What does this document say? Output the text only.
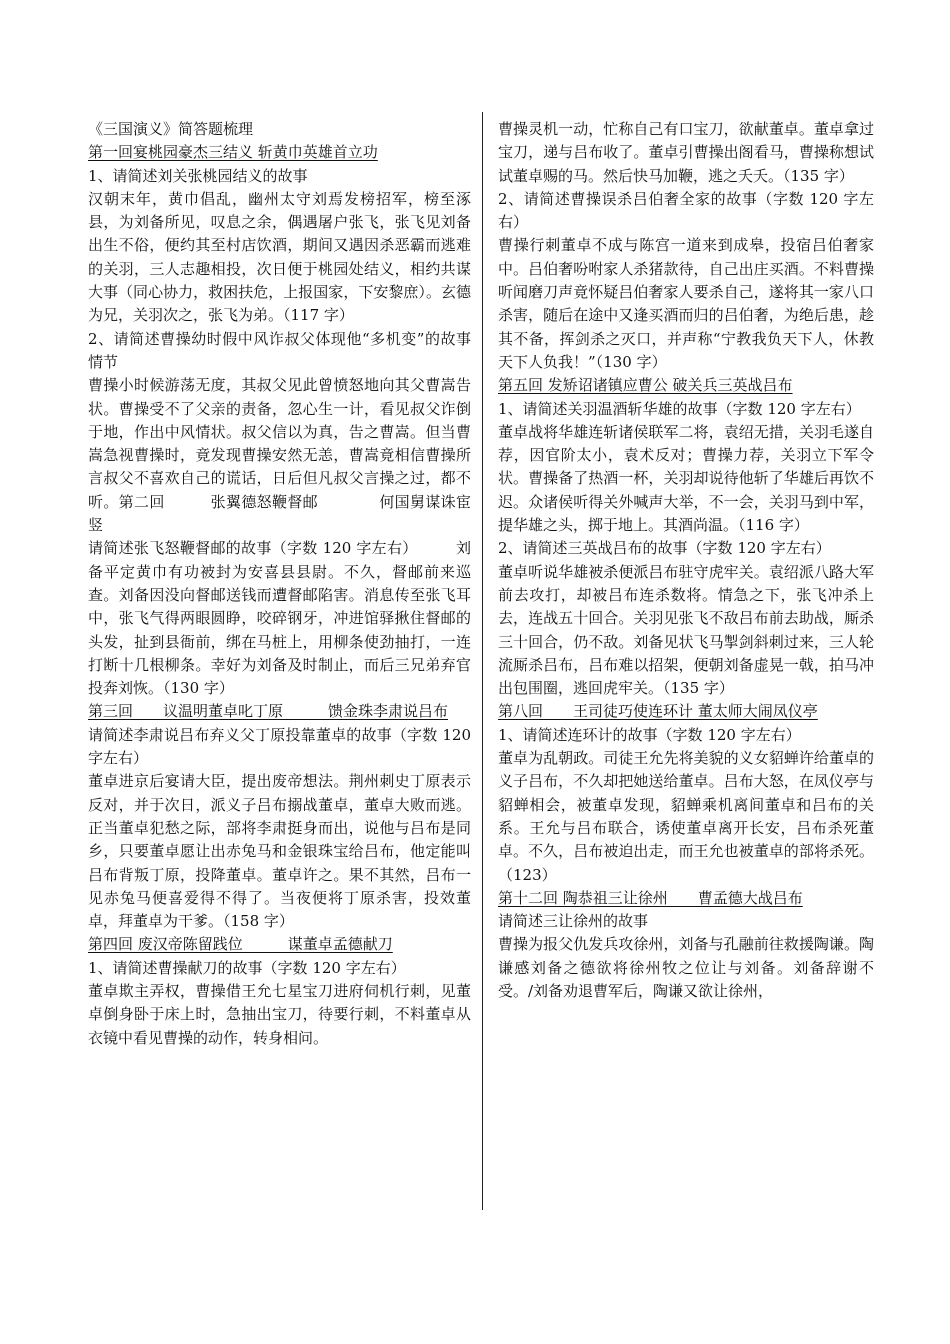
《三国演义》简答题梳理

第一回宴桃园豪杰三结义 斩黄巾英雄首立功

1、请简述刘关张桃园结义的故事

汉朝末年，黄巾倡乱，幽州太守刘焉发榜招军，榜至涿县，为刘备所见，叹息之余，偶遇屠户张飞，张飞见刘备出生不俗，便约其至村店饮酒，期间又遇因杀恶霸而逃难的关羽，三人志趣相投，次日便于桃园处结义，相约共谋大事（同心协力，救困扶危，上报国家，下安黎庶）。玄德为兄，关羽次之，张飞为弟。（117 字）

2、请简述曹操幼时假中风诈叔父体现他“多机变”的故事情节

曹操小时候游荡无度，其叔父见此曾愤怒地向其父曹嵩告状。曹操受不了父亲的责备，忽心生一计，看见叔父诈倒于地，作出中风情状。叔父信以为真，告之曹嵩。但当曹嵩急视曹操时，竟发现曹操安然无恙，曹嵩竟相信曹操所言叔父不喜欢自己的谎话，日后但凡叔父言操之过，都不听。第二回　　　张翼德怒鞭督邮　　　　何国舅谋诛宦竖

请简述张飞怒鞭督邮的故事（字数 120 字左右）　　　刘备平定黄巾有功被封为安喜县县尉。不久，督邮前来巡查。刘备因没向督邮送钱而遭督邮陷害。消息传至张飞耳中，张飞气得两眼圆睁，咬碎钢牙，冲进馆驿揪住督邮的头发，扯到县衙前，绑在马桩上，用柳条使劲抽打，一连打断十几根柳条。幸好为刘备及时制止，而后三兄弟弃官投奔刘恢。（130 字）

第三回　　议温明董卓叱丁原　　　馈金珠李肃说吕布

请简述李肃说吕布弃义父丁原投靠董卓的故事（字数 120 字左右）

董卓进京后宴请大臣，提出废帝想法。荆州刺史丁原表示反对，并于次日，派义子吕布搦战董卓，董卓大败而逃。正当董卓犯愁之际，部将李肃挺身而出，说他与吕布是同乡，只要董卓愿让出赤兔马和金银珠宝给吕布，他定能叫吕布背叛丁原，投降董卓。董卓许之。果不其然，吕布一见赤兔马便喜爱得不得了。当夜便将丁原杀害，投效董卓，拜董卓为干爹。（158 字）

第四回 废汉帝陈留践位　　　谋董卓孟德献刀

1、请简述曹操献刀的故事（字数 120 字左右）

董卓欺主弄权，曹操借王允七星宝刀进府伺机行刺，见董卓倒身卧于床上时，急抽出宝刀，待要行刺，不料董卓从衣镜中看见曹操的动作，转身相问。

曹操灵机一动，忙称自己有口宝刀，欲献董卓。董卓拿过宝刀，递与吕布收了。董卓引曹操出阁看马，曹操称想试试董卓赐的马。然后快马加鞭，逃之夭夭。（135 字）

2、请简述曹操误杀吕伯奢全家的故事（字数 120 字左右）

曹操行刺董卓不成与陈宫一道来到成皋，投宿吕伯奢家中。吕伯奢吩咐家人杀猪款待，自己出庄买酒。不料曹操听闻磨刀声竟怀疑吕伯奢家人要杀自己，遂将其一家八口杀害，随后在途中又逢买酒而归的吕伯奢，为绝后患，趁其不备，挥剑杀之灭口，并声称“宁教我负天下人，休教天下人负我！”（130 字）

第五回 发矫诏诸镇应曹公 破关兵三英战吕布

1、请简述关羽温酒斩华雄的故事（字数 120 字左右）

董卓战将华雄连斩诸侯联军二将，袁绍无措，关羽毛遂自荐，因官阶太小，袁术反对；曹操力荐，关羽立下军令状。曹操备了热酒一杯，关羽却说待他斩了华雄后再饮不迟。众诸侯听得关外喊声大举，不一会，关羽马到中军，提华雄之头，掷于地上。其酒尚温。（116 字）

2、请简述三英战吕布的故事（字数 120 字左右）

董卓听说华雄被杀便派吕布驻守虎牢关。袁绍派八路大军前去攻打，却被吕布连杀数将。情急之下，张飞冲杀上去，连战五十回合。关羽见张飞不敌吕布前去助战，厮杀三十回合，仍不敌。刘备见状飞马掣剑斜刺过来，三人轮流厮杀吕布，吕布难以招架，便朝刘备虚晃一戟，拍马冲出包围圈，逃回虎牢关。（135 字）

第八回　　王司徒巧使连环计 董太师大闹凤仪亭

1、请简述连环计的故事（字数 120 字左右）

董卓为乱朝政。司徒王允先将美貌的义女貂蝉许给董卓的义子吕布，不久却把她送给董卓。吕布大怒，在凤仪亭与貂蝉相会，被董卓发现，貂蝉乘机离间董卓和吕布的关系。王允与吕布联合，诱使董卓离开长安，吕布杀死董卓。不久，吕布被迫出走，而王允也被董卓的部将杀死。（123）

第十二回 陶恭祖三让徐州　　曹孟德大战吕布

请简述三让徐州的故事

曹操为报父仇发兵攻徐州，刘备与孔融前往救援陶谦。陶谦感刘备之德欲将徐州牧之位让与刘备。刘备辞谢不受。/刘备劝退曹军后，陶谦又欲让徐州，
